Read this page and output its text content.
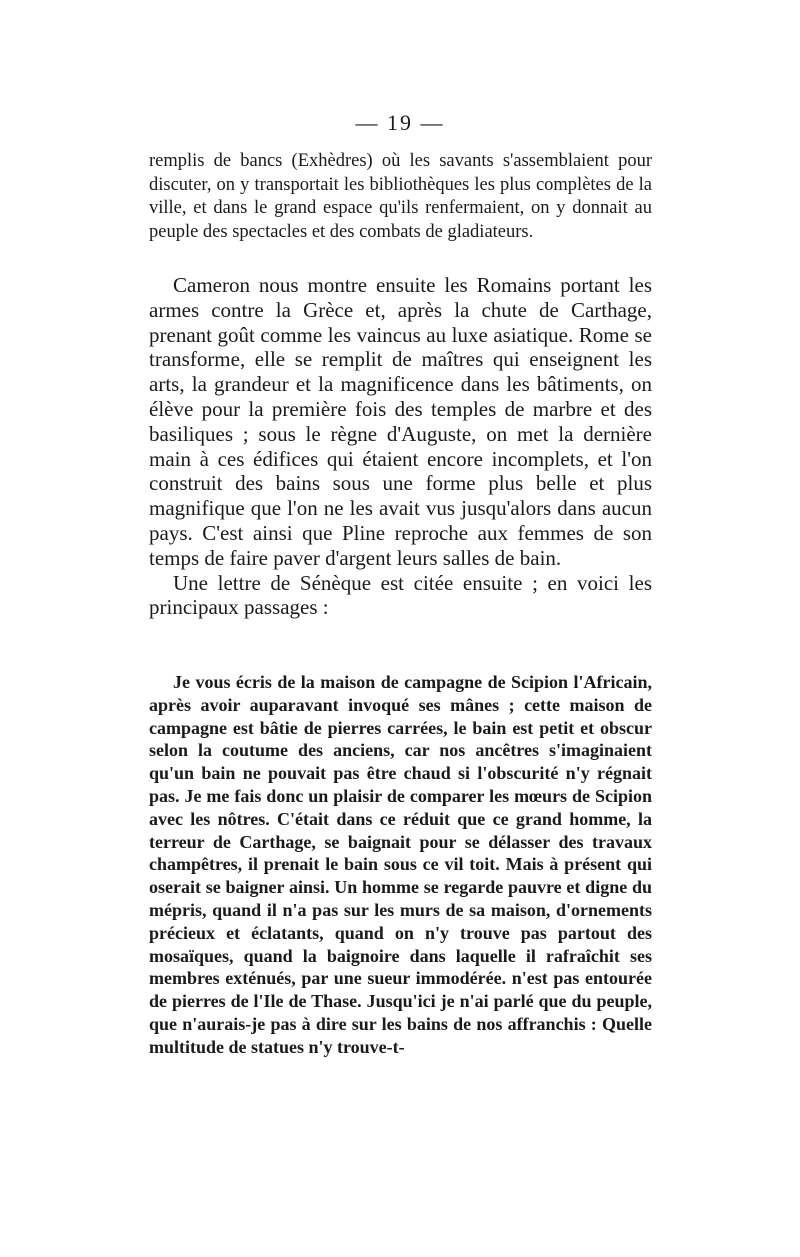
— 19 —

remplis de bancs (Exhèdres) où les savants s'assemblaient pour discuter, on y transportait les bibliothèques les plus complètes de la ville, et dans le grand espace qu'ils renfermaient, on y donnait au peuple des spectacles et des combats de gladiateurs.

Cameron nous montre ensuite les Romains portant les armes contre la Grèce et, après la chute de Carthage, prenant goût comme les vaincus au luxe asiatique. Rome se transforme, elle se remplit de maîtres qui enseignent les arts, la grandeur et la magnificence dans les bâtiments, on élève pour la première fois des temples de marbre et des basiliques ; sous le règne d'Auguste, on met la dernière main à ces édifices qui étaient encore incomplets, et l'on construit des bains sous une forme plus belle et plus magnifique que l'on ne les avait vus jusqu'alors dans aucun pays. C'est ainsi que Pline reproche aux femmes de son temps de faire paver d'argent leurs salles de bain.

Une lettre de Sénèque est citée ensuite ; en voici les principaux passages :

Je vous écris de la maison de campagne de Scipion l'Africain, après avoir auparavant invoqué ses mânes ; cette maison de campagne est bâtie de pierres carrées, le bain est petit et obscur selon la coutume des anciens, car nos ancêtres s'imaginaient qu'un bain ne pouvait pas être chaud si l'obscurité n'y régnait pas. Je me fais donc un plaisir de comparer les mœurs de Scipion avec les nôtres. C'était dans ce réduit que ce grand homme, la terreur de Carthage, se baignait pour se délasser des travaux champêtres, il prenait le bain sous ce vil toit. Mais à présent qui oserait se baigner ainsi. Un homme se regarde pauvre et digne du mépris, quand il n'a pas sur les murs de sa maison, d'ornements précieux et éclatants, quand on n'y trouve pas partout des mosaïques, quand la baignoire dans laquelle il rafraîchit ses membres exténués, par une sueur immodérée. n'est pas entourée de pierres de l'Ile de Thase. Jusqu'ici je n'ai parlé que du peuple, que n'aurais-je pas à dire sur les bains de nos affranchis : Quelle multitude de statues n'y trouve-t-
